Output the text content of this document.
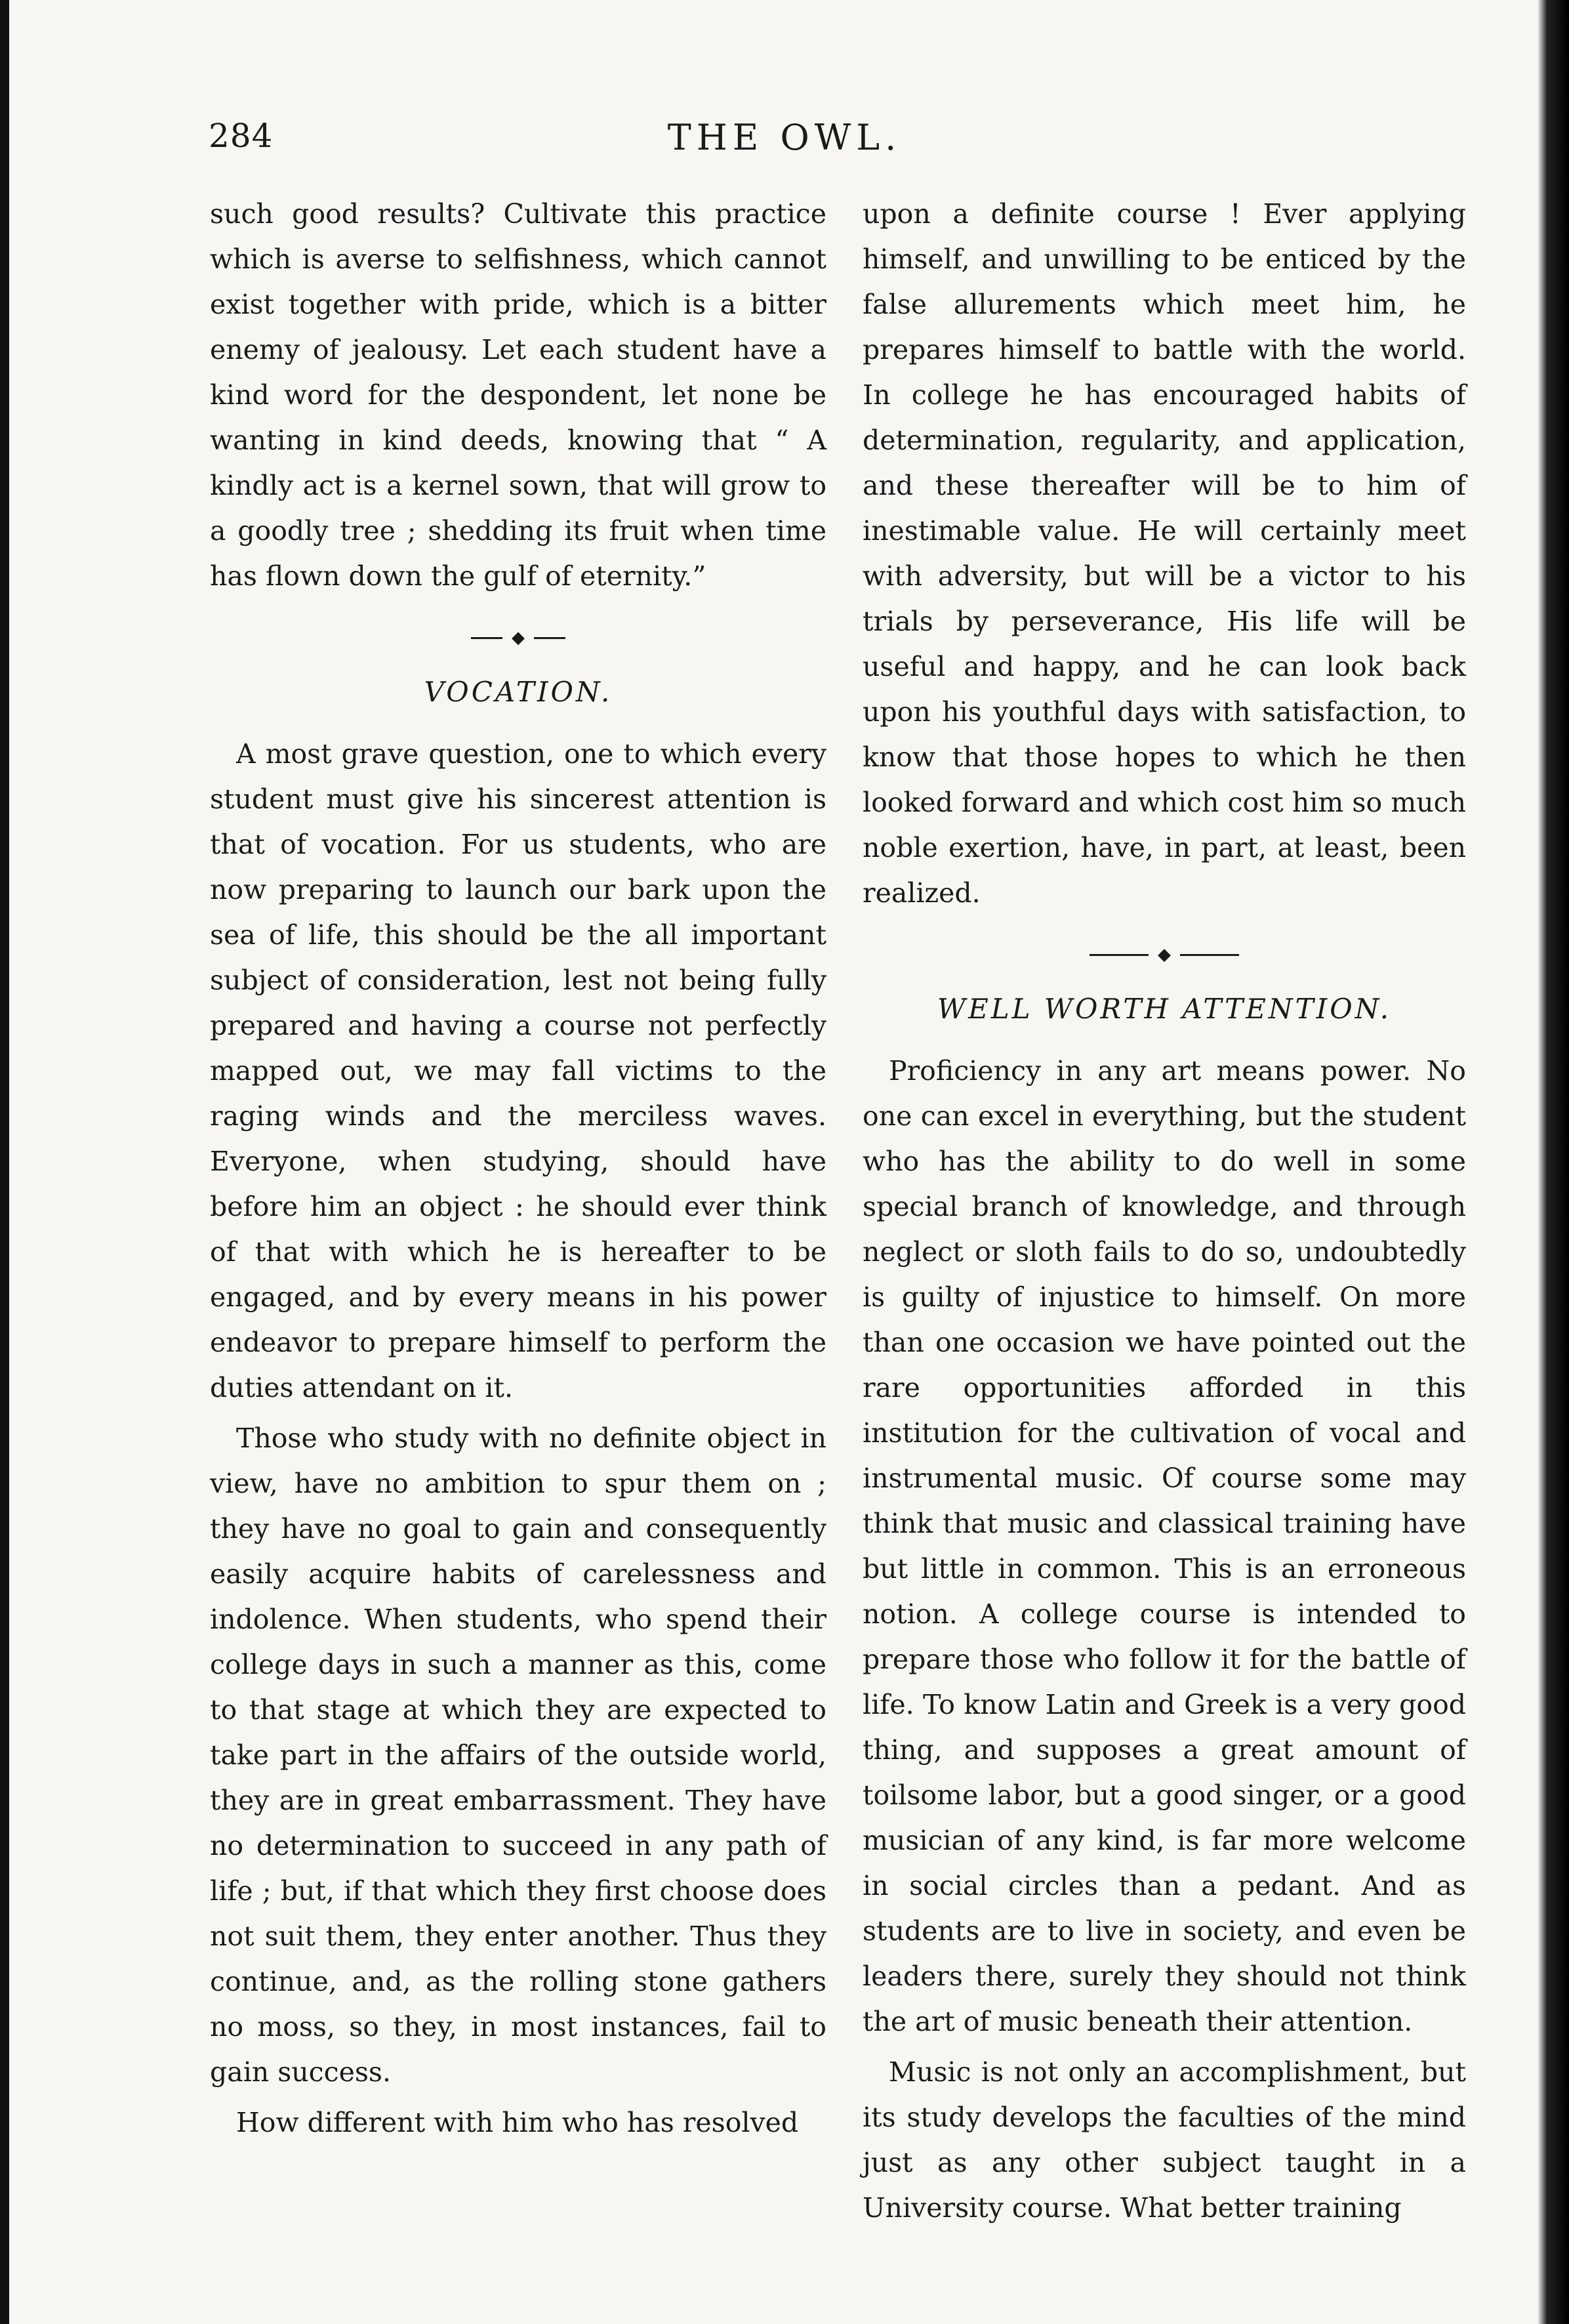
284	THE OWL.

such good results? Cultivate this practice which is averse to selfishness, which cannot exist together with pride, which is a bitter enemy of jealousy. Let each student have a kind word for the despondent, let none be wanting in kind deeds, knowing that “ A kindly act is a kernel sown, that will grow to a goodly tree ; shedding its fruit when time has flown down the gulf of eternity.”

◆
VOCATION.

A most grave question, one to which every student must give his sincerest attention is that of vocation. For us students, who are now preparing to launch our bark upon the sea of life, this should be the all important subject of consideration, lest not being fully prepared and having a course not perfectly mapped out, we may fall victims to the raging winds and the merciless waves. Everyone, when studying, should have before him an object : he should ever think of that with which he is hereafter to be engaged, and by every means in his power endeavor to prepare himself to perform the duties attendant on it.

Those who study with no definite object in view, have no ambition to spur them on ; they have no goal to gain and consequently easily acquire habits of carelessness and indolence. When students, who spend their college days in such a manner as this, come to that stage at which they are expected to take part in the affairs of the outside world, they are in great embarrassment. They have no determination to succeed in any path of life ; but, if that which they first choose does not suit them, they enter another. Thus they continue, and, as the rolling stone gathers no moss, so they, in most instances, fail to gain success.

How different with him who has resolved

upon a definite course ! Ever applying himself, and unwilling to be enticed by the false allurements which meet him, he prepares himself to battle with the world. In college he has encouraged habits of determination, regularity, and application, and these thereafter will be to him of inestimable value. He will certainly meet with adversity, but will be a victor to his trials by perseverance, His life will be useful and happy, and he can look back upon his youthful days with satisfaction, to know that those hopes to which he then looked forward and which cost him so much noble exertion, have, in part, at least, been realized.

◆
WELL WORTH ATTENTION.

Proficiency in any art means power. No one can excel in everything, but the student who has the ability to do well in some special branch of knowledge, and through neglect or sloth fails to do so, undoubtedly is guilty of injustice to himself. On more than one occasion we have pointed out the rare opportunities afforded in this institution for the cultivation of vocal and instrumental music. Of course some may think that music and classical training have but little in common. This is an erroneous notion. A college course is intended to prepare those who follow it for the battle of life. To know Latin and Greek is a very good thing, and supposes a great amount of toilsome labor, but a good singer, or a good musician of any kind, is far more welcome in social circles than a pedant. And as students are to live in society, and even be leaders there, surely they should not think the art of music beneath their attention.

Music is not only an accomplishment, but its study develops the faculties of the mind just as any other subject taught in a University course. What better training
